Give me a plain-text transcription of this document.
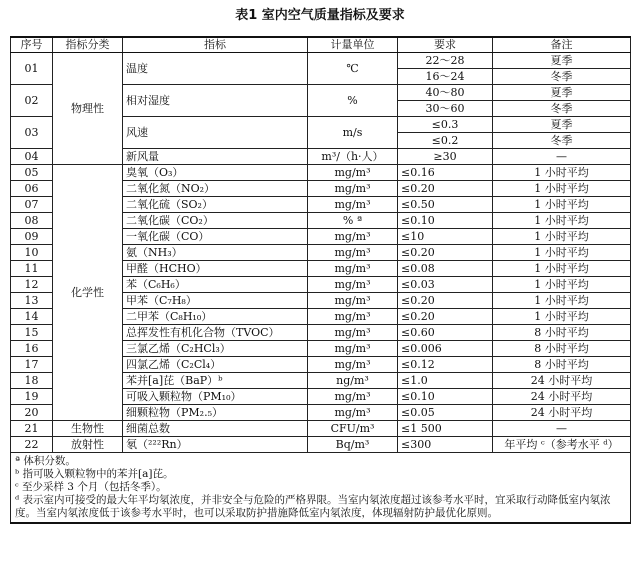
表1 室内空气质量指标及要求
序号	指标分类	指标	计量单位	要求	备注
01	物理性	温度	℃	22～28	夏季
				16～24	冬季
02		相对湿度	%	40～80	夏季
				30～60	冬季
03		风速	m/s	≤0.3	夏季
				≤0.2	冬季
04		新风量	m³/（h·人）	≥30	—
05	化学性	臭氧（O₃）	mg/m³	≤0.16	1 小时平均
06		二氧化氮（NO₂）	mg/m³	≤0.20	1 小时平均
07		二氧化硫（SO₂）	mg/m³	≤0.50	1 小时平均
08		二氧化碳（CO₂）	% ª	≤0.10	1 小时平均
09		一氧化碳（CO）	mg/m³	≤10	1 小时平均
10		氨（NH₃）	mg/m³	≤0.20	1 小时平均
11		甲醛（HCHO）	mg/m³	≤0.08	1 小时平均
12		苯（C₆H₆）	mg/m³	≤0.03	1 小时平均
13		甲苯（C₇H₈）	mg/m³	≤0.20	1 小时平均
14		二甲苯（C₈H₁₀）	mg/m³	≤0.20	1 小时平均
15		总挥发性有机化合物（TVOC）	mg/m³	≤0.60	8 小时平均
16		三氯乙烯（C₂HCl₃）	mg/m³	≤0.006	8 小时平均
17		四氯乙烯（C₂Cl₄）	mg/m³	≤0.12	8 小时平均
18		苯并[a]芘（BaP）ᵇ	ng/m³	≤1.0	24 小时平均
19		可吸入颗粒物（PM₁₀）	mg/m³	≤0.10	24 小时平均
20		细颗粒物（PM₂.₅）	mg/m³	≤0.05	24 小时平均
21	生物性	细菌总数	CFU/m³	≤1 500	—
22	放射性	氡（²²²Rn）	Bq/m³	≤300	年平均 ᶜ（参考水平 ᵈ）

ª 体积分数。
ᵇ 指可吸入颗粒物中的苯并[a]芘。
ᶜ 至少采样 3 个月（包括冬季）。
ᵈ 表示室内可接受的最大年平均氡浓度，并非安全与危险的严格界限。当室内氡浓度超过该参考水平时，宜采取行动降低室内氡浓度。当室内氡浓度低于该参考水平时，也可以采取防护措施降低室内氡浓度，体现辐射防护最优化原则。					
